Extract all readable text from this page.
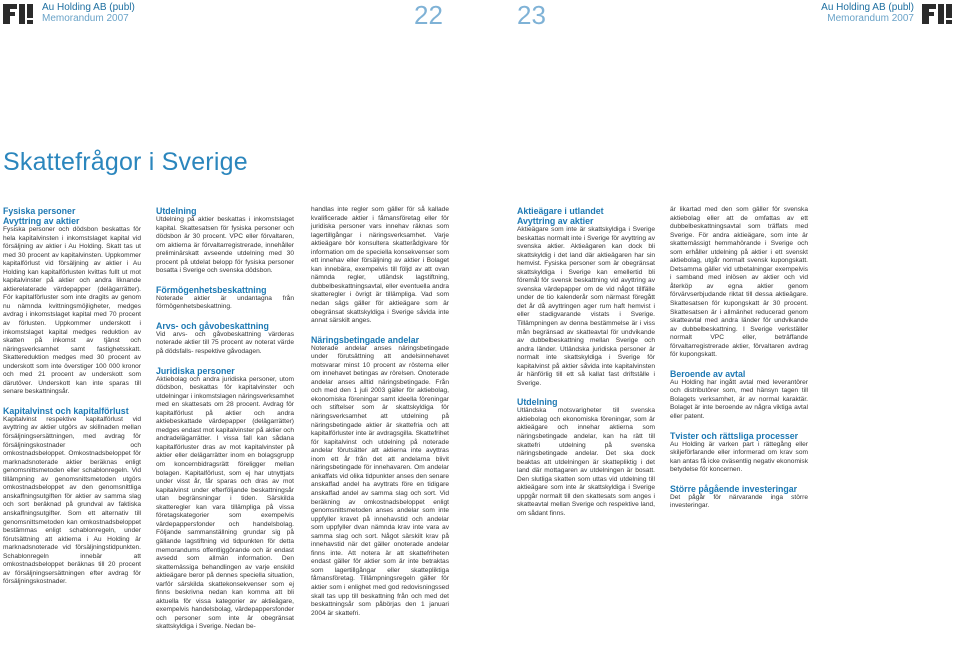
Au Holding AB (publ)
Memorandum 2007	22	23	Au Holding AB (publ)
Memorandum 2007
Skattefrågor i Sverige
Fysiska personer
Avyttring av aktier

Fysiska personer och dödsbon beskattas för hela kapitalvinsten i inkomstslaget kapital vid försäljning av aktier i Au Holding. Skatt tas ut med 30 procent av kapitalvinsten. Uppkommer kapitalförlust vid försäljning av aktier i Au Holding kan kapitalförlusten kvittas fullt ut mot kapitalvinster på aktier och andra liknande aktierelaterade värdepapper (delägarrätter). För kapitalförluster som inte dragits av genom nu nämnda kvittningsmöjligheter, medges avdrag i inkomstslaget kapital med 70 procent av förlusten. Uppkommer underskott i inkomstslaget kapital medges reduktion av skatten på inkomst av tjänst och näringsverksamhet samt fastighetsskatt. Skattereduktion medges med 30 procent av underskott som inte överstiger 100 000 kronor och med 21 procent av underskott som därutöver. Underskott kan inte sparas till senare beskattningsår.

Kapitalvinst och kapitalförlust

Kapitalvinst respektive kapitalförlust vid avyttring av aktier utgörs av skillnaden mellan försäljningsersättningen, med avdrag för försäljningskostnader och omkostnadsbeloppet. Omkostnadsbeloppet för marknadsnoterade aktier beräknas enligt genomsnittsmetoden eller schablonregeln. Vid tillämpning av genomsnittsmetoden utgörs omkostnadsbeloppet av den genomsnittliga anskaffningsutgiften för aktier av samma slag och sort beräknad på grundval av faktiska anskaffningsutgifter. Som ett alternativ till genomsnittsmetoden kan omkostnadsbeloppet bestämmas enligt schablonregeln, under förutsättning att aktierna i Au Holding är marknadsnoterade vid försäljningstidpunkten. Schablonregeln innebär att omkostnadsbeloppet beräknas till 20 procent av försäljningsersättningen efter avdrag för försäljningskostnader.

Utdelning

Utdelning på aktier beskattas i inkomstslaget kapital. Skattesatsen för fysiska personer och dödsbon är 30 procent. VPC eller förvaltaren, om aktierna är förvaltarregistrerade, innehåller preliminärskatt avseende utdelning med 30 procent på utdelat belopp för fysiska personer bosatta i Sverige och svenska dödsbon.

Förmögenhetsbeskattning

Noterade aktier är undantagna från förmögenhetsbeskattning.

Arvs- och gåvobeskattning

Vid arvs- och gåvobeskattning värderas noterade aktier till 75 procent av noterat värde på dödsfalls- respektive gåvodagen.

Juridiska personer

Aktiebolag och andra juridiska personer, utom dödsbon, beskattas för kapitalvinster och utdelningar i inkomstslagen näringsverksamhet med en skattesats om 28 procent. Avdrag för kapitalförlust på aktier och andra aktiebeskattade värdepapper (delägarrätter) medges endast mot kapitalvinster på aktier och andradelägarrätter. I vissa fall kan sådana kapitalförluster dras av mot kapitalvinster på aktier eller delägarrätter inom en bolagsgrupp om koncernbidragsrätt föreligger mellan bolagen. Kapitalförlust, som ej har utnyttjats under visst år, får sparas och dras av mot kapitalvinst under efterföljande beskattningsår utan begränsningar i tiden. Särskilda skatteregler kan vara tillämpliga på vissa företagskategorier som exempelvis värdepappersfonder och handelsbolag. Följande sammanställning grundar sig på gällande lagstiftning vid tidpunkten för detta memorandums offentliggörande och är endast avsedd som allmän information. Den skattemässiga behandlingen av varje enskild aktieägare beror på dennes speciella situation, varför särskilda skattekonsekvenser som ej finns beskrivna nedan kan komma att bli aktuella för vissa kategorier av aktieägare, exempelvis handelsbolag, värdepappersfonder och personer som inte är obegränsat skattskyldiga i Sverige. Nedan be-

handlas inte regler som gäller för så kallade kvalificerade aktier i fåmansföretag eller för juridiska personer vars innehav räknas som lagertillgångar i näringsverksamhet. Varje aktieägare bör konsultera skatterådgivare för information om de speciella konsekvenser som ett innehav eller försäljning av aktier i Bolaget kan innebära, exempelvis till följd av att ovan nämnda regler, utländsk lagstiftning, dubbelbeskattningsavtal, eller eventuella andra skatteregler i övrigt är tillämpliga. Vad som nedan sägs gäller för aktieägare som är obegränsat skattskyldiga i Sverige såvida inte annat särskilt anges.

Näringsbetingade andelar

Noterade andelar anses näringsbetingade under förutsättning att andelsinnehavet motsvarar minst 10 procent av rösterna eller om innehavet betingas av rörelsen. Onoterade andelar anses alltid näringsbetingade. Från och med den 1 juli 2003 gäller för aktiebolag, ekonomiska föreningar samt ideella föreningar och stiftelser som är skattskyldiga för näringsverksamhet att utdelning på näringsbetingade aktier är skattefria och att kapitalförluster inte är avdragsgilla. Skattefrihet för kapitalvinst och utdelning på noterade andelar förutsätter att aktierna inte avyttras inom ett år från det att andelarna blivit näringsbetingade för innehavaren. Om andelar ankaffats vid olika tidpunkter anses den senare anskaffad andel ha avyttrats före en tidigare anskaffad andel av samma slag och sort. Vid beräkning av omkostnadsbeloppet enligt genomsnittsmetoden anses andelar som inte uppfyller kravet på innehavstid och andelar som uppfyller dvan nämnda krav inte vara av samma slag och sort. Något särskilt krav på innehavstid när det gäller onoterade andelar finns inte. Att notera är att skattefriheten endast gäller för aktier som är inte betraktas som lagertillgångar eller skattepliktiga fåmansföretag. Tillämpningsregeln gäller för aktier som i enlighet med god redovisningssed skall tas upp till beskattning från och med det beskattningsår som påbörjas den 1 januari 2004 är skattefri.

Aktieägare i utlandet
Avyttring av aktier

Aktieägare som inte är skattskyldiga i Sverige beskattas normalt inte i Sverige för avyttring av svenska aktier. Aktieägaren kan dock bli skattskyldig i det land där aktieägaren har sin hemvist. Fysiska personer som är obegränsat skattskyldiga i Sverige kan emellertid bli föremål för svensk beskattning vid avyttring av svenska värdepapper om de vid något tillfälle under de tio kalenderår som närmast föregått det år då avyttringen ager rum haft hemvist i eller stadigvarande vistats i Sverige. Tillämpningen av denna bestämmelse är i viss mån begränsad av skatteavtal för undvikande av dubbelbeskattning mellan Sverige och andra länder. Utländska juridiska personer är normalt inte skattskyldiga i Sverige för kapitalvinst på aktier såvida inte kapitalvinsten är hänförlig till ett så kallat fast driftställe i Sverige.

Utdelning

Utländska motsvarigheter till svenska aktiebolag och ekonomiska föreningar, som är aktieägare och innehar aktierna som näringsbetingade andelar, kan ha rätt till skattefri utdelning på svenska näringsbetingade andelar. Det ska dock beaktas att utdelningen är skattepliktig i det land där mottagaren av utdelningen är bosatt. Den slutliga skatten som uttas vid utdelning till aktieägare som inte är skattskyldiga i Sverige uppgår normalt till den skattesats som anges i skatteavtal mellan Sverige och respektive land, om sådant finns.

är likartad med den som gäller för svenska aktiebolag eller att de omfattas av ett dubbelbeskattningsavtal som träffats med Sverige. För andra aktieägare, som inte är skattemässigt hemmahörande i Sverige och som erhåller utdelning på aktier i ett svenskt aktiebolag, utgår normalt svensk kupongskatt. Detsamma gäller vid utbetalningar exempelvis i samband med inlösen av aktier och vid återköp av egna aktier genom förvärvserbjudande riktat till dessa aktieägare. Skattesatsen för kupongskatt är 30 procent. Skattesatsen är i allmänhet reducerad genom skatteavtal med andra länder för undvikande av dubbelbeskattning. I Sverige verkställer normalt VPC eller, beträffande förvaltarregistrerade aktier, förvaltaren avdrag för kupongskatt.

Beroende av avtal

Au Holding har ingått avtal med leverantörer och distributörer som, med hänsyn tagen till Bolagets verksamhet, är av normal karaktär. Bolaget är inte beroende av några viktiga avtal eller patent.

Tvister och rättsliga processer

Au Holding är varken part i rättegång eller skiljeförfarande eller informerad om krav som kan antas få icke oväsentlig negativ ekonomisk betydelse för koncernen.

Större pågående investeringar

Det pågår för närvarande inga större investeringar.
